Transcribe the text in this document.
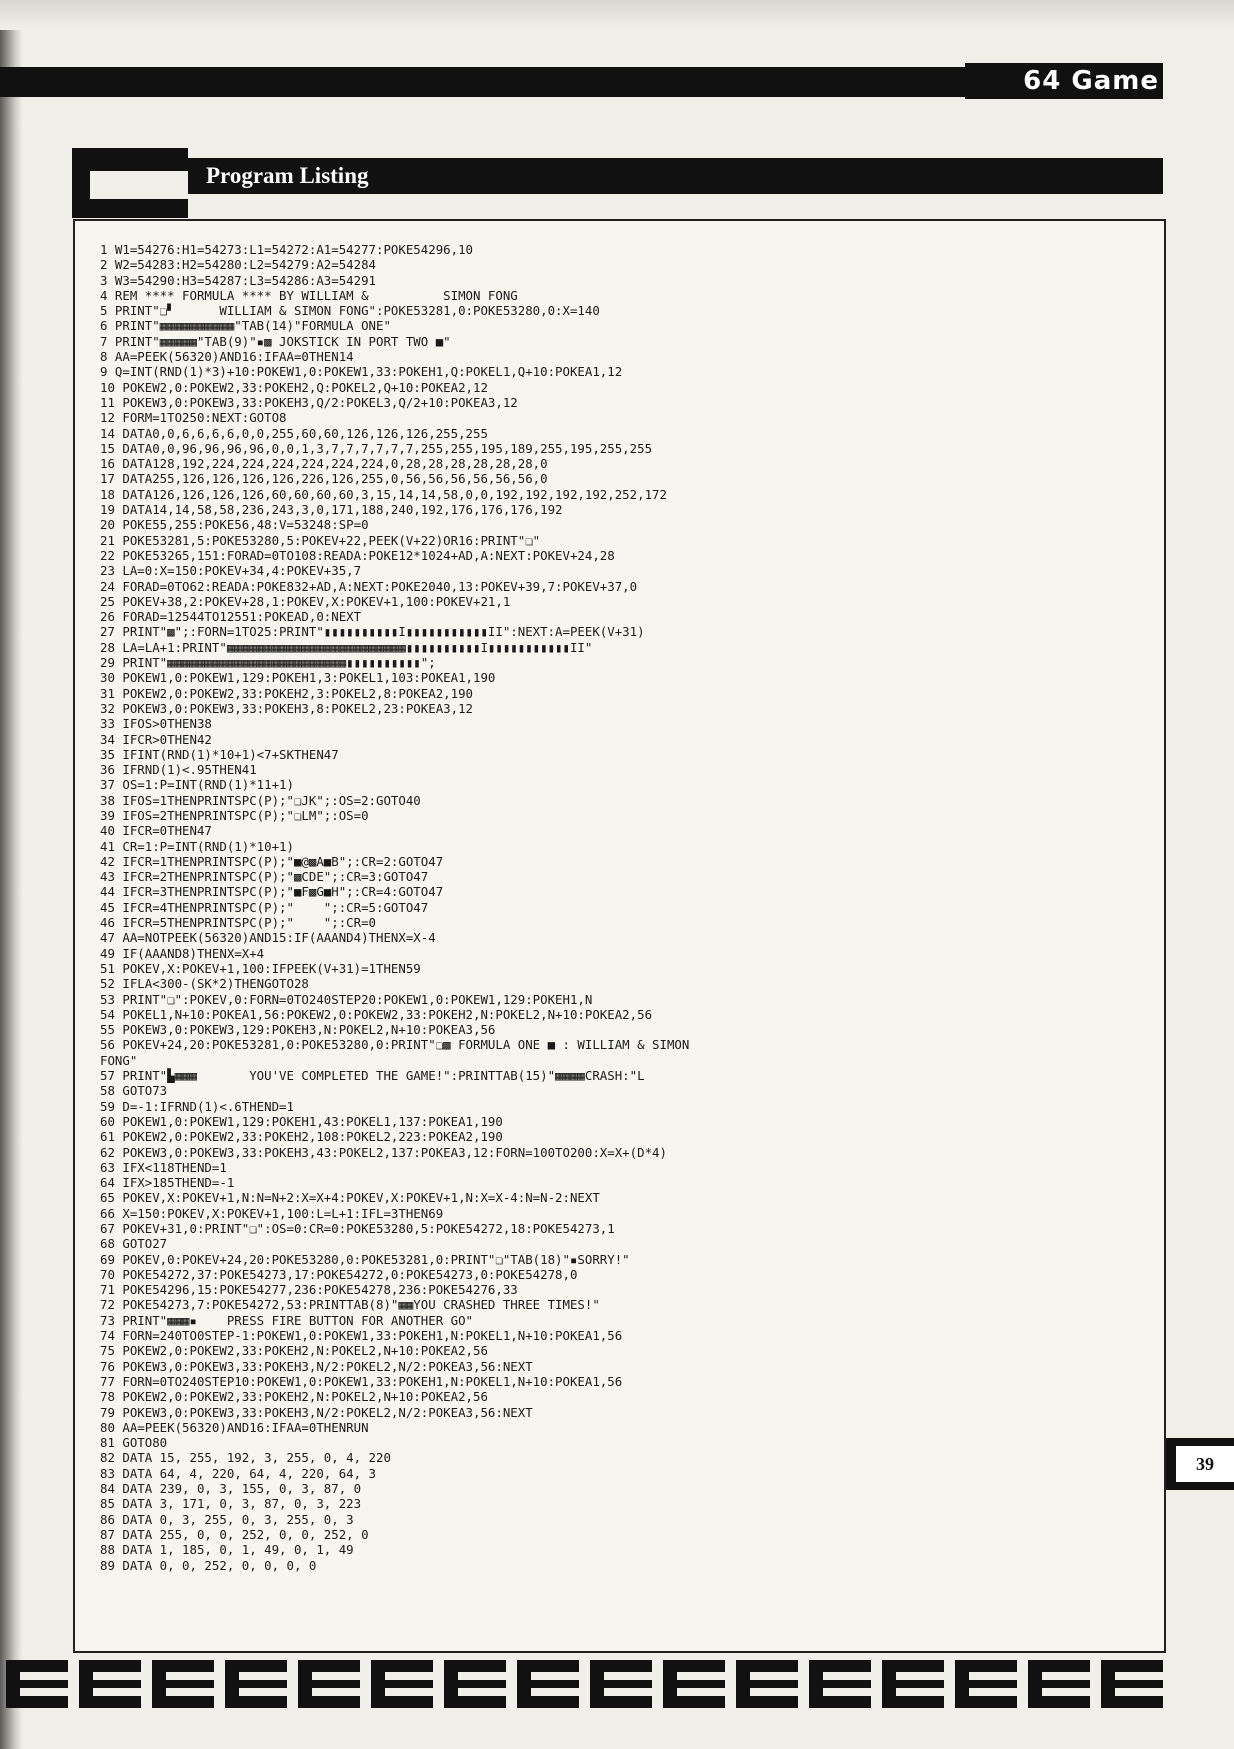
64 Game
Program Listing
1 W1=54276:H1=54273:L1=54272:A1=54277:POKE54296,10
2 W2=54283:H2=54280:L2=54279:A2=54284
3 W3=54290:H3=54287:L3=54286:A3=54291
4 REM **** FORMULA **** BY WILLIAM &          SIMON FONG
5 PRINT"❏▘      WILLIAM & SIMON FONG":POKE53281,0:POKE53280,0:X=140
6 PRINT"▦▦▦▦▦▦▦▦▦▦"TAB(14)"FORMULA ONE"
7 PRINT"▦▦▦▦▦"TAB(9)"▪▩ JOKSTICK IN PORT TWO ■"
8 AA=PEEK(56320)AND16:IFAA=0THEN14
9 Q=INT(RND(1)*3)+10:POKEW1,0:POKEW1,33:POKEH1,Q:POKEL1,Q+10:POKEA1,12
10 POKEW2,0:POKEW2,33:POKEH2,Q:POKEL2,Q+10:POKEA2,12
11 POKEW3,0:POKEW3,33:POKEH3,Q/2:POKEL3,Q/2+10:POKEA3,12
12 FORM=1TO250:NEXT:GOTO8
14 DATA0,0,6,6,6,6,0,0,255,60,60,126,126,126,255,255
15 DATA0,0,96,96,96,96,0,0,1,3,7,7,7,7,7,7,255,255,195,189,255,195,255,255
16 DATA128,192,224,224,224,224,224,224,0,28,28,28,28,28,28,0
17 DATA255,126,126,126,126,226,126,255,0,56,56,56,56,56,56,0
18 DATA126,126,126,126,60,60,60,60,3,15,14,14,58,0,0,192,192,192,192,252,172
19 DATA14,14,58,58,236,243,3,0,171,188,240,192,176,176,176,192
20 POKE55,255:POKE56,48:V=53248:SP=0
21 POKE53281,5:POKE53280,5:POKEV+22,PEEK(V+22)OR16:PRINT"❏"
22 POKE53265,151:FORAD=0TO108:READA:POKE12*1024+AD,A:NEXT:POKEV+24,28
23 LA=0:X=150:POKEV+34,4:POKEV+35,7
24 FORAD=0TO62:READA:POKE832+AD,A:NEXT:POKE2040,13:POKEV+39,7:POKEV+37,0
25 POKEV+38,2:POKEV+28,1:POKEV,X:POKEV+1,100:POKEV+21,1
26 FORAD=12544TO12551:POKEAD,0:NEXT
27 PRINT"▩";:FORN=1TO25:PRINT"▮▮▮▮▮▮▮▮▮▮I▮▮▮▮▮▮▮▮▮▮▮II":NEXT:A=PEEK(V+31)
28 LA=LA+1:PRINT"▦▦▦▦▦▦▦▦▦▦▦▦▦▦▦▦▦▦▦▦▦▦▦▦▮▮▮▮▮▮▮▮▮▮I▮▮▮▮▮▮▮▮▮▮▮II"
29 PRINT"▦▦▦▦▦▦▦▦▦▦▦▦▦▦▦▦▦▦▦▦▦▦▦▦▮▮▮▮▮▮▮▮▮▮";
30 POKEW1,0:POKEW1,129:POKEH1,3:POKEL1,103:POKEA1,190
31 POKEW2,0:POKEW2,33:POKEH2,3:POKEL2,8:POKEA2,190
32 POKEW3,0:POKEW3,33:POKEH3,8:POKEL2,23:POKEA3,12
33 IFOS>0THEN38
34 IFCR>0THEN42
35 IFINT(RND(1)*10+1)<7+SKTHEN47
36 IFRND(1)<.95THEN41
37 OS=1:P=INT(RND(1)*11+1)
38 IFOS=1THENPRINTSPC(P);"❏JK";:OS=2:GOTO40
39 IFOS=2THENPRINTSPC(P);"❏LM";:OS=0
40 IFCR=0THEN47
41 CR=1:P=INT(RND(1)*10+1)
42 IFCR=1THENPRINTSPC(P);"■@▩A■B";:CR=2:GOTO47
43 IFCR=2THENPRINTSPC(P);"▩CDE";:CR=3:GOTO47
44 IFCR=3THENPRINTSPC(P);"■F▩G■H";:CR=4:GOTO47
45 IFCR=4THENPRINTSPC(P);"    ";:CR=5:GOTO47
46 IFCR=5THENPRINTSPC(P);"    ";:CR=0
47 AA=NOTPEEK(56320)AND15:IF(AAAND4)THENX=X-4
49 IF(AAAND8)THENX=X+4
51 POKEV,X:POKEV+1,100:IFPEEK(V+31)=1THEN59
52 IFLA<300-(SK*2)THENGOTO28
53 PRINT"❏":POKEV,0:FORN=0TO240STEP20:POKEW1,0:POKEW1,129:POKEH1,N
54 POKEL1,N+10:POKEA1,56:POKEW2,0:POKEW2,33:POKEH2,N:POKEL2,N+10:POKEA2,56
55 POKEW3,0:POKEW3,129:POKEH3,N:POKEL2,N+10:POKEA3,56
56 POKEV+24,20:POKE53281,0:POKE53280,0:PRINT"❏▩ FORMULA ONE ■ : WILLIAM & SIMON
FONG"
57 PRINT"▙▦▦▦       YOU'VE COMPLETED THE GAME!":PRINTTAB(15)"▦▦▦▦CRASH:"L
58 GOTO73
59 D=-1:IFRND(1)<.6THEND=1
60 POKEW1,0:POKEW1,129:POKEH1,43:POKEL1,137:POKEA1,190
61 POKEW2,0:POKEW2,33:POKEH2,108:POKEL2,223:POKEA2,190
62 POKEW3,0:POKEW3,33:POKEH3,43:POKEL2,137:POKEA3,12:FORN=100TO200:X=X+(D*4)
63 IFX<118THEND=1
64 IFX>185THEND=-1
65 POKEV,X:POKEV+1,N:N=N+2:X=X+4:POKEV,X:POKEV+1,N:X=X-4:N=N-2:NEXT
66 X=150:POKEV,X:POKEV+1,100:L=L+1:IFL=3THEN69
67 POKEV+31,0:PRINT"❏":OS=0:CR=0:POKE53280,5:POKE54272,18:POKE54273,1
68 GOTO27
69 POKEV,0:POKEV+24,20:POKE53280,0:POKE53281,0:PRINT"❏"TAB(18)"▪SORRY!"
70 POKE54272,37:POKE54273,17:POKE54272,0:POKE54273,0:POKE54278,0
71 POKE54296,15:POKE54277,236:POKE54278,236:POKE54276,33
72 POKE54273,7:POKE54272,53:PRINTTAB(8)"▦▦YOU CRASHED THREE TIMES!"
73 PRINT"▦▦▦▪    PRESS FIRE BUTTON FOR ANOTHER GO"
74 FORN=240TO0STEP-1:POKEW1,0:POKEW1,33:POKEH1,N:POKEL1,N+10:POKEA1,56
75 POKEW2,0:POKEW2,33:POKEH2,N:POKEL2,N+10:POKEA2,56
76 POKEW3,0:POKEW3,33:POKEH3,N/2:POKEL2,N/2:POKEA3,56:NEXT
77 FORN=0TO240STEP10:POKEW1,0:POKEW1,33:POKEH1,N:POKEL1,N+10:POKEA1,56
78 POKEW2,0:POKEW2,33:POKEH2,N:POKEL2,N+10:POKEA2,56
79 POKEW3,0:POKEW3,33:POKEH3,N/2:POKEL2,N/2:POKEA3,56:NEXT
80 AA=PEEK(56320)AND16:IFAA=0THENRUN
81 GOTO80
82 DATA 15, 255, 192, 3, 255, 0, 4, 220
83 DATA 64, 4, 220, 64, 4, 220, 64, 3
84 DATA 239, 0, 3, 155, 0, 3, 87, 0
85 DATA 3, 171, 0, 3, 87, 0, 3, 223
86 DATA 0, 3, 255, 0, 3, 255, 0, 3
87 DATA 255, 0, 0, 252, 0, 0, 252, 0
88 DATA 1, 185, 0, 1, 49, 0, 1, 49
89 DATA 0, 0, 252, 0, 0, 0, 0
39
